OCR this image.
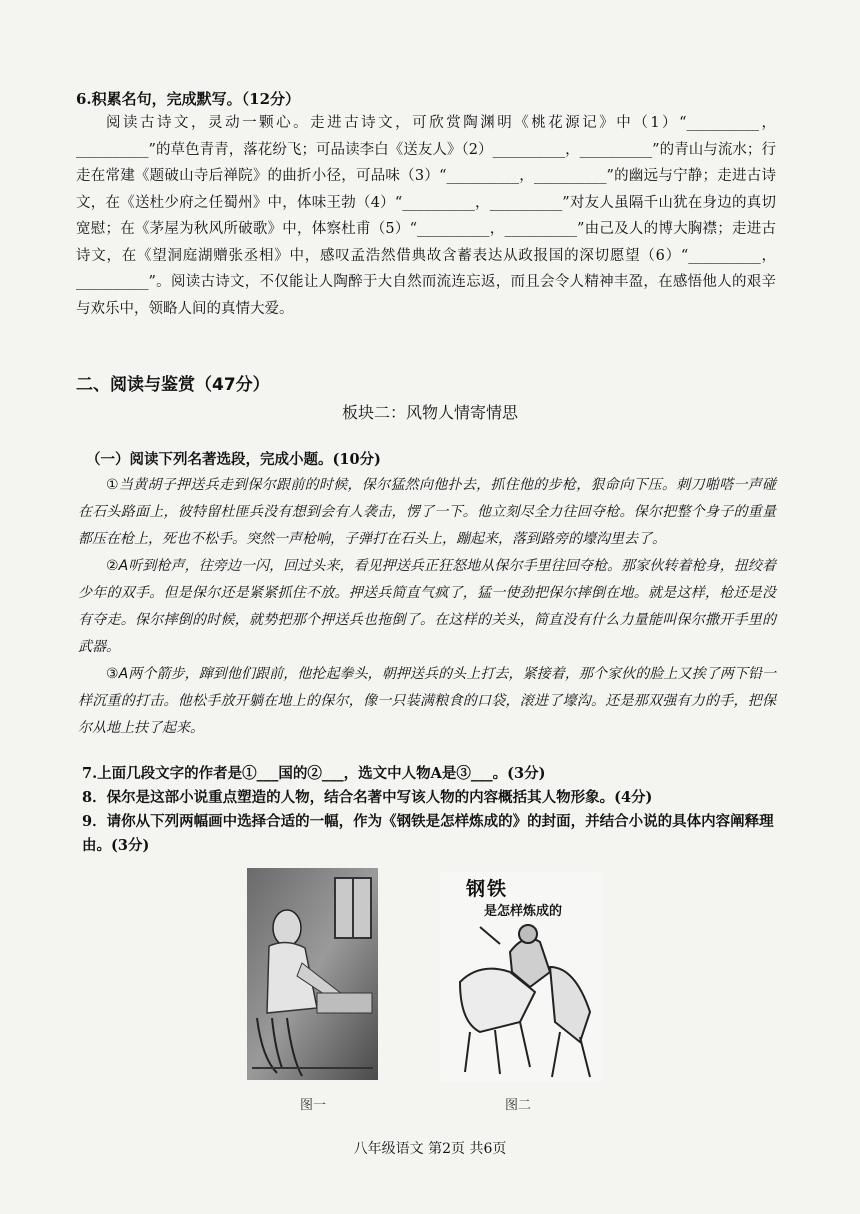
6.积累名句，完成默写。（12分）
阅读古诗文，灵动一颗心。走进古诗文，可欣赏陶渊明《桃花源记》中（1）“__________，__________”的草色青青，落花纷飞；可品读李白《送友人》（2）__________，__________”的青山与流水；行走在常建《题破山寺后禅院》的曲折小径，可品味（3）“__________，__________”的幽远与宁静；走进古诗文，在《送杜少府之任蜀州》中，体味王勃（4）“__________，__________”对友人虽隔千山犹在身边的真切宽慰；在《茅屋为秋风所破歌》中，体察杜甫（5）“__________，__________”由己及人的博大胸襟；走进古诗文，在《望洞庭湖赠张丞相》中，感叹孟浩然借典故含蓄表达从政报国的深切愿望（6）“__________，__________”。阅读古诗文，不仅能让人陶醉于大自然而流连忘返，而且会令人精神丰盈，在感悟他人的艰辛与欢乐中，领略人间的真情大爱。
二、阅读与鉴赏（47分）
板块二：风物人情寄情思
（一）阅读下列名著选段，完成小题。(10分)

①当黄胡子押送兵走到保尔跟前的时候，保尔猛然向他扑去，抓住他的步枪，狠命向下压。刺刀啪嗒一声碰在石头路面上，彼特留杜匪兵没有想到会有人袭击，愣了一下。他立刻尽全力往回夺枪。保尔把整个身子的重量都压在枪上，死也不松手。突然一声枪响，子弹打在石头上，蹦起来，落到路旁的壕沟里去了。

②A听到枪声，往旁边一闪，回过头来，看见押送兵正狂怒地从保尔手里往回夺枪。那家伙转着枪身，扭绞着少年的双手。但是保尔还是紧紧抓住不放。押送兵简直气疯了，猛一使劲把保尔摔倒在地。就是这样，枪还是没有夺走。保尔摔倒的时候，就势把那个押送兵也拖倒了。在这样的关头，简直没有什么力量能叫保尔撒开手里的武器。

③A两个箭步，蹿到他们跟前，他抡起拳头，朝押送兵的头上打去，紧接着，那个家伙的脸上又挨了两下铅一样沉重的打击。他松手放开躺在地上的保尔，像一只装满粮食的口袋，滚进了壕沟。还是那双强有力的手，把保尔从地上扶了起来。

7.上面几段文字的作者是①___国的②___，选文中人物A是③___。(3分)

8．保尔是这部小说重点塑造的人物，结合名著中写该人物的内容概括其人物形象。(4分)

9．请你从下列两幅画中选择合适的一幅，作为《钢铁是怎样炼成的》的封面，并结合小说的具体内容阐释理由。(3分)

钢铁
是怎样炼成的
图一	图二
八年级语文 第2页 共6页
